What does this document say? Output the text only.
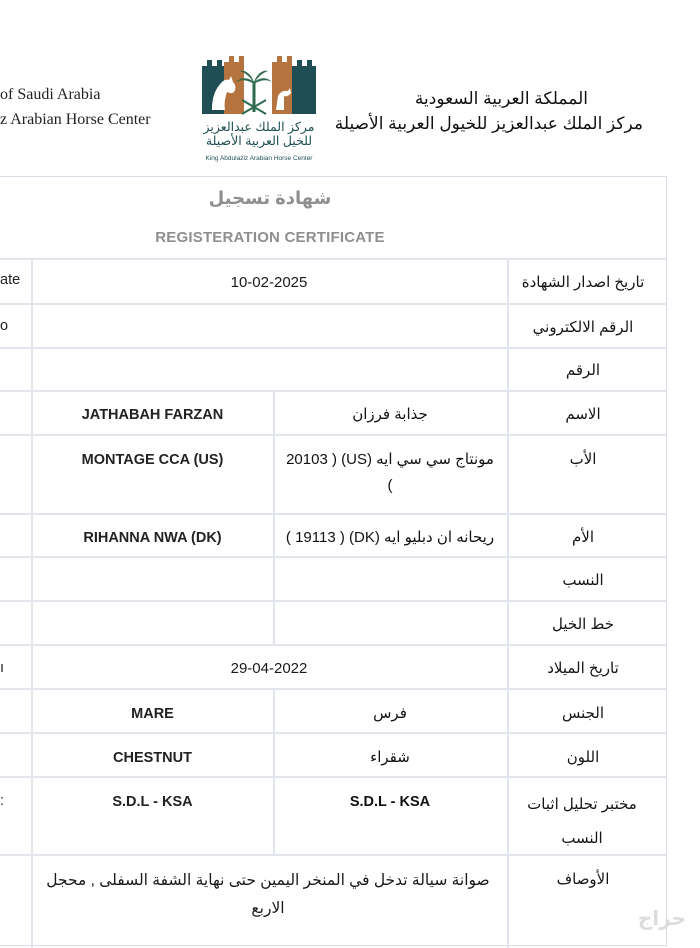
of Saudi Arabia
z Arabian Horse Center	مركز الملك عبدالعزيز
للخيل العربية الأصيلة
King Abdulaziz Arabian Horse Center
المملكة العربية السعودية
مركز الملك عبدالعزيز للخيول العربية الأصيلة
شهادة تسجيل
REGISTERATION CERTIFICATE
ate
o
ı
:
تاريخ اصدار الشهادة
10-02-2025
الرقم الالكتروني
الرقم
الاسم
جذابة فرزان
JATHABAH FARZAN
الأب
مونتاج سي سي ايه (US) ( 20103 )
MONTAGE CCA (US)
الأم
ريحانه ان دبليو ايه (DK) ( 19113 )
RIHANNA NWA (DK)
النسب
خط الخيل
تاريخ الميلاد
29-04-2022
الجنس
فرس
MARE
اللون
شقراء
CHESTNUT
مختبر تحليل اثبات النسب
S.D.L - KSA
S.D.L - KSA
الأوصاف
صوانة سيالة تدخل في المنخر اليمين حتى نهاية الشفة السفلى , محجل الاربع	حراج
